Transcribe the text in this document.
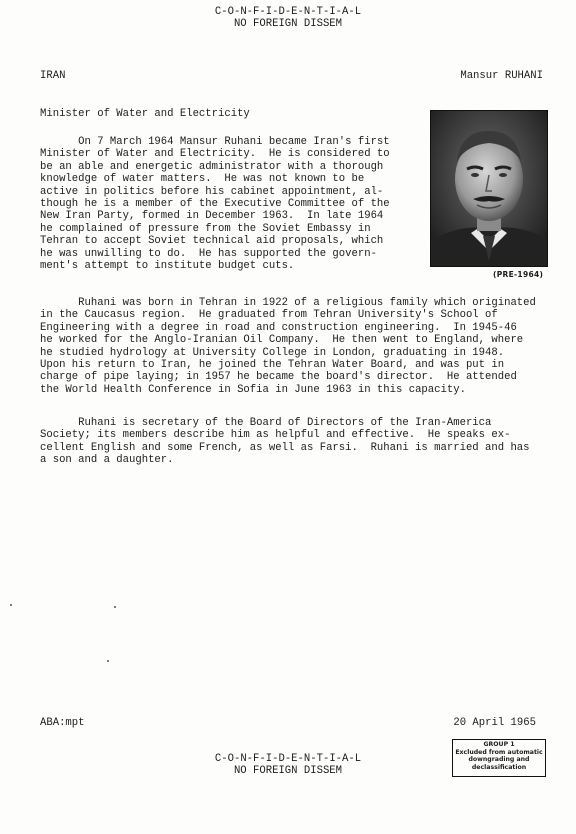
C-O-N-F-I-D-E-N-T-I-A-L
NO FOREIGN DISSEM
IRAN	Mansur RUHANI
Minister of Water and Electricity
(PRE-1964)
On 7 March 1964 Mansur Ruhani became Iran's first
Minister of Water and Electricity.  He is considered to
be an able and energetic administrator with a thorough
knowledge of water matters.  He was not known to be
active in politics before his cabinet appointment, al-
though he is a member of the Executive Committee of the
New Iran Party, formed in December 1963.  In late 1964
he complained of pressure from the Soviet Embassy in
Tehran to accept Soviet technical aid proposals, which
he was unwilling to do.  He has supported the govern-
ment's attempt to institute budget cuts.
Ruhani was born in Tehran in 1922 of a religious family which originated
in the Caucasus region.  He graduated from Tehran University's School of
Engineering with a degree in road and construction engineering.  In 1945-46
he worked for the Anglo-Iranian Oil Company.  He then went to England, where
he studied hydrology at University College in London, graduating in 1948.
Upon his return to Iran, he joined the Tehran Water Board, and was put in
charge of pipe laying; in 1957 he became the board's director.  He attended
the World Health Conference in Sofia in June 1963 in this capacity.
Ruhani is secretary of the Board of Directors of the Iran-America
Society; its members describe him as helpful and effective.  He speaks ex-
cellent English and some French, as well as Farsi.  Ruhani is married and has
a son and a daughter.
ABA:mpt	20 April 1965
C-O-N-F-I-D-E-N-T-I-A-L
NO FOREIGN DISSEM
GROUP 1
Excluded from automatic
downgrading and
declassification
